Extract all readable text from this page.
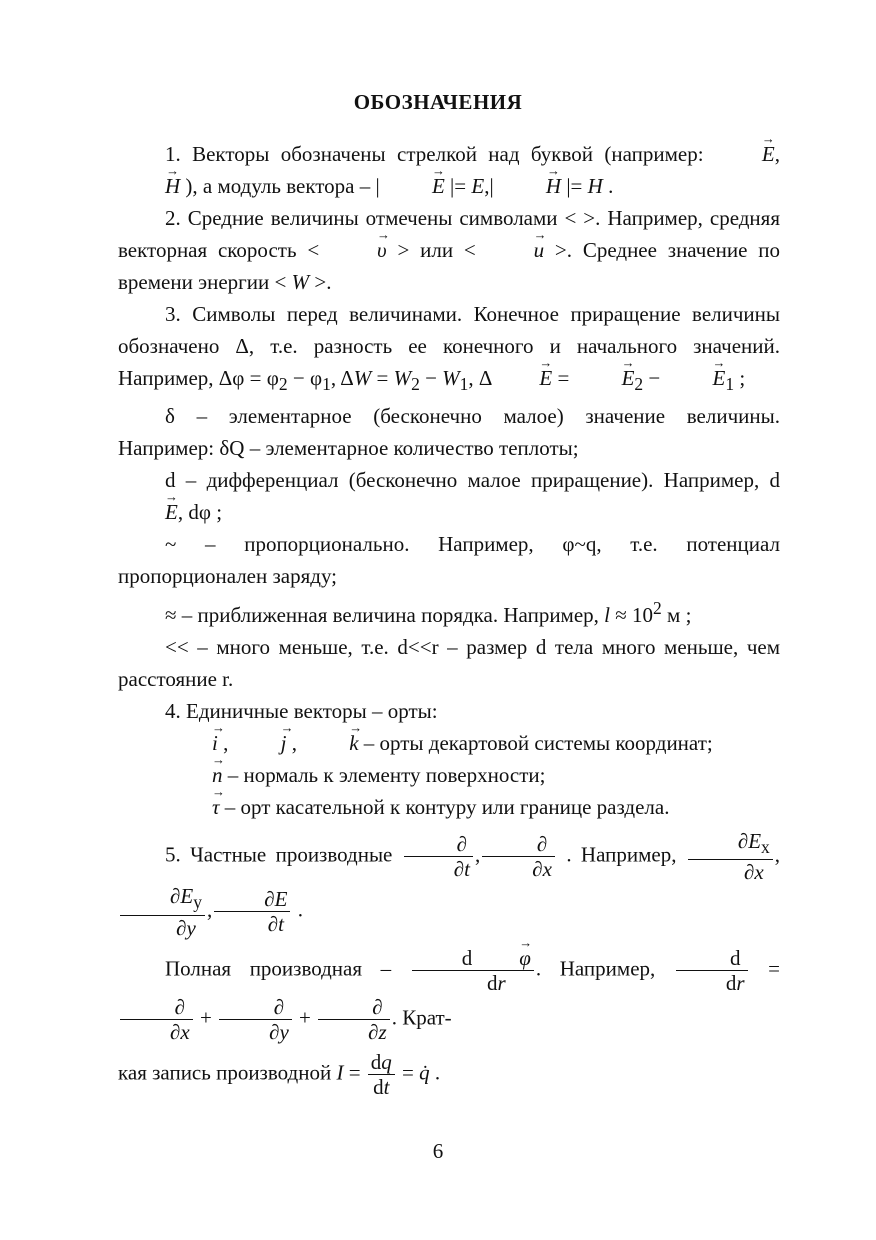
ОБОЗНАЧЕНИЯ

1. Векторы обозначены стрелкой над буквой (например:	→ E,→ H ), а модуль вектора – | → E |= E,| → H |= H .

2. Средние величины отмечены символами < >. Например, средняя векторная скорость < → υ > или < → u >. Среднее значение по времени энергии < W >.

3. Символы перед величинами. Конечное приращение величины обозначено Δ, т.е. разность ее конечного и начального значений. Например, $\Delta\varphi = \varphi_2 - \varphi_1$, $\Delta W = W_2 - W_1$, Δ → E = → $E_2$ − → $E_1$ ;

δ – элементарное (бесконечно малое) значение величины. Например: δQ – элементарное количество теплоты;

d – дифференциал (бесконечно малое приращение). Например, d→ E, dφ ;

~ – пропорционально. Например, φ~q, т.е. потенциал пропорционален заряду;

≈ – приближенная величина порядка. Например, $l \approx 10^2$ м ;

<< – много меньше, т.е. d<<r – размер d тела много меньше, чем расстояние r.

4. Единичные векторы – орты:

→ i , → j , → k – орты декартовой системы координат;

→ n – нормаль к элементу поверхности;

→ τ – орт касательной к контуру или границе раздела.

5. Частные производные $\frac{\partial}{\partial t}$ , $\frac{\partial}{\partial x}$ . Например, $\frac{\partial E_x}{\partial x}$ ,
$\frac{\partial E_y}{\partial y}$ , $\frac{\partial E}{\partial t}$ .

Полная производная – $\frac{d \to \varphi}{dr}$ . Например, $\frac{d}{dr}$ =
$\frac{\partial}{\partial x} + \frac{\partial}{\partial y} + \frac{\partial}{\partial z}$ . Крат-

кая запись производной $I = \frac{dq}{dt}$ = q̇ .

6
